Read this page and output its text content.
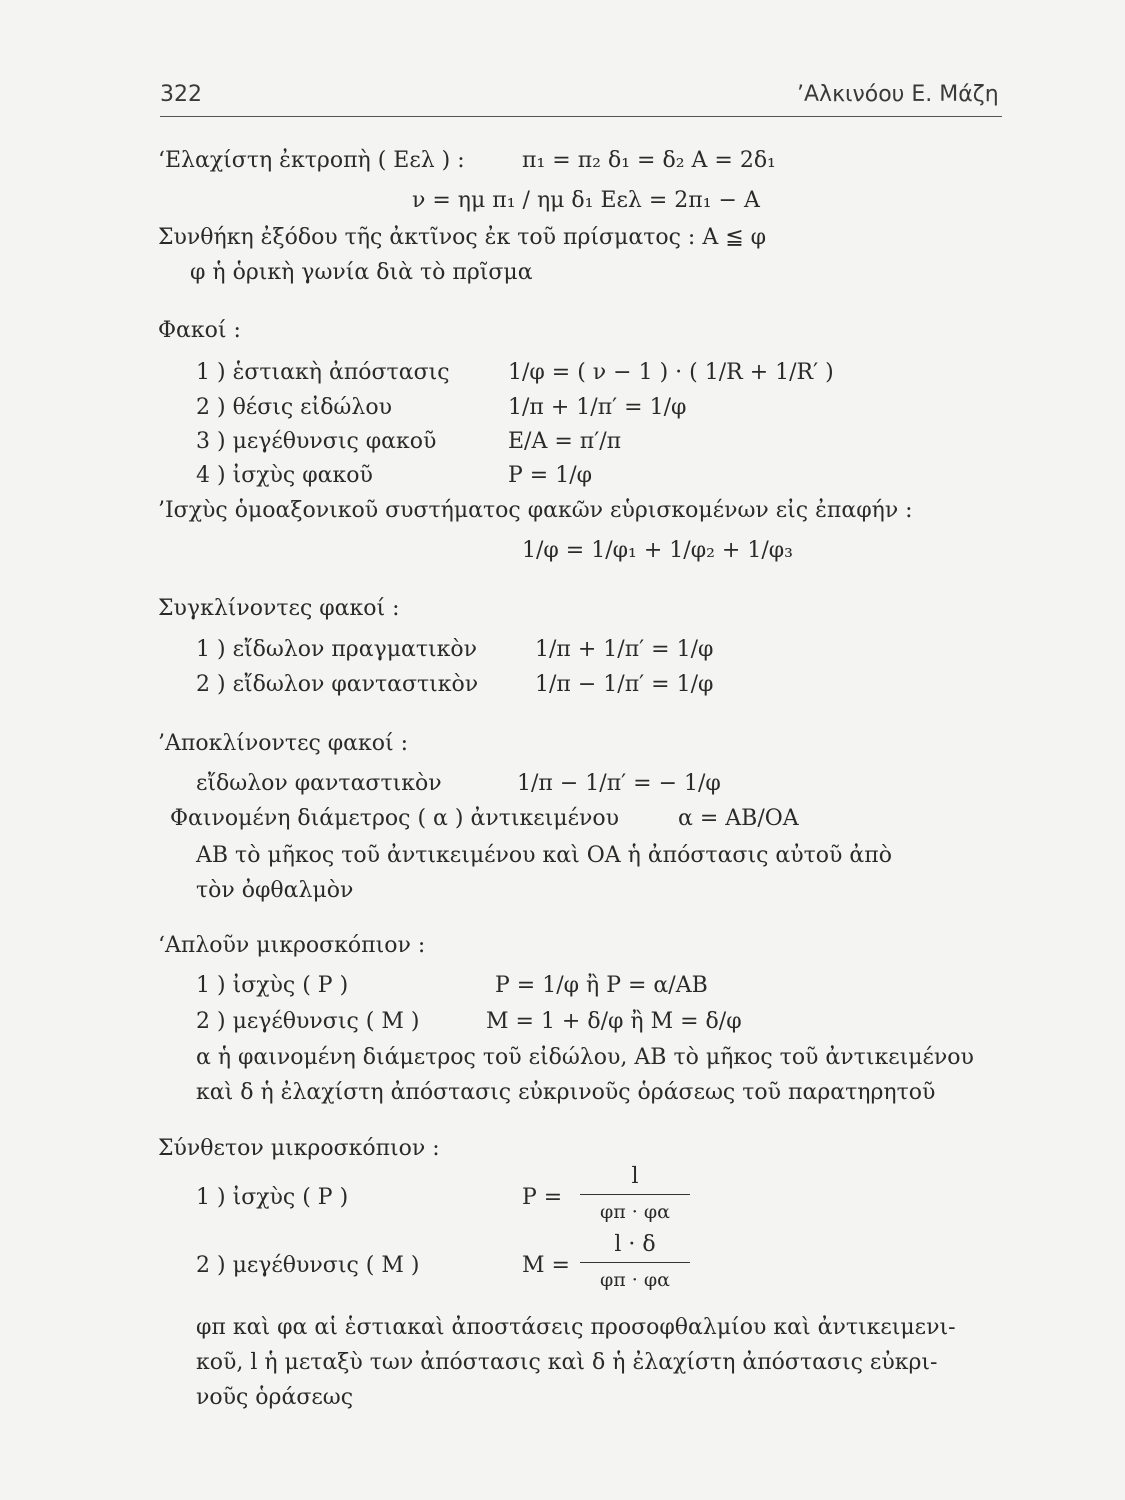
322	’Αλκινόου Ε. Μάζη
‘Ελαχίστη ἐκτροπὴ ( Εελ ) :	π₁ = π₂ δ₁ = δ₂ Α = 2δ₁
ν = ημ π₁ / ημ δ₁ Εελ = 2π₁ − Α
Συνθήκη ἐξόδου τῆς ἀκτῖνος ἐκ τοῦ πρίσματος : Α ≦ φ
φ ἡ ὁρικὴ γωνία διὰ τὸ πρῖσμα
Φακοί :
1 ) ἑστιακὴ ἀπόστασις	1/φ = ( ν − 1 ) · ( 1/R + 1/R′ )
2 ) θέσις εἰδώλου	1/π + 1/π′ = 1/φ
3 ) μεγέθυνσις φακοῦ	Ε/Α = π′/π
4 ) ἰσχὺς φακοῦ	Ρ = 1/φ
’Ισχὺς ὁμοαξονικοῦ συστήματος φακῶν εὑρισκομένων εἰς ἐπαφήν :
1/φ = 1/φ₁ + 1/φ₂ + 1/φ₃
Συγκλίνοντες φακοί :
1 ) εἴδωλον πραγματικὸν	1/π + 1/π′ = 1/φ
2 ) εἴδωλον φανταστικὸν	1/π − 1/π′ = 1/φ
’Αποκλίνοντες φακοί :
εἴδωλον φανταστικὸν	1/π − 1/π′ = − 1/φ
Φαινομένη διάμετρος ( α ) ἀντικειμένου	α = ΑΒ/ΟΑ
ΑΒ τὸ μῆκος τοῦ ἀντικειμένου καὶ ΟΑ ἡ ἀπόστασις αὐτοῦ ἀπὸ
τὸν ὀφθαλμὸν
‘Απλοῦν μικροσκόπιον :
1 ) ἰσχὺς ( Ρ )	Ρ = 1/φ ἢ Ρ = α/ΑΒ
2 ) μεγέθυνσις ( Μ )	Μ = 1 + δ/φ ἢ Μ = δ/φ
α ἡ φαινομένη διάμετρος τοῦ εἰδώλου, ΑΒ τὸ μῆκος τοῦ ἀντικειμένου
καὶ δ ἡ ἐλαχίστη ἀπόστασις εὐκρινοῦς ὁράσεως τοῦ παρατηρητοῦ
Σύνθετον μικροσκόπιον :
1 ) ἰσχὺς ( Ρ )	Ρ =
l
φπ · φα
2 ) μεγέθυνσις ( Μ )	Μ =
l · δ
φπ · φα
φπ καὶ φα αἱ ἑστιακαὶ ἀποστάσεις προσοφθαλμίου καὶ ἀντικειμενι-
κοῦ, l ἡ μεταξὺ των ἀπόστασις καὶ δ ἡ ἐλαχίστη ἀπόστασις εὐκρι-
νοῦς ὁράσεως
